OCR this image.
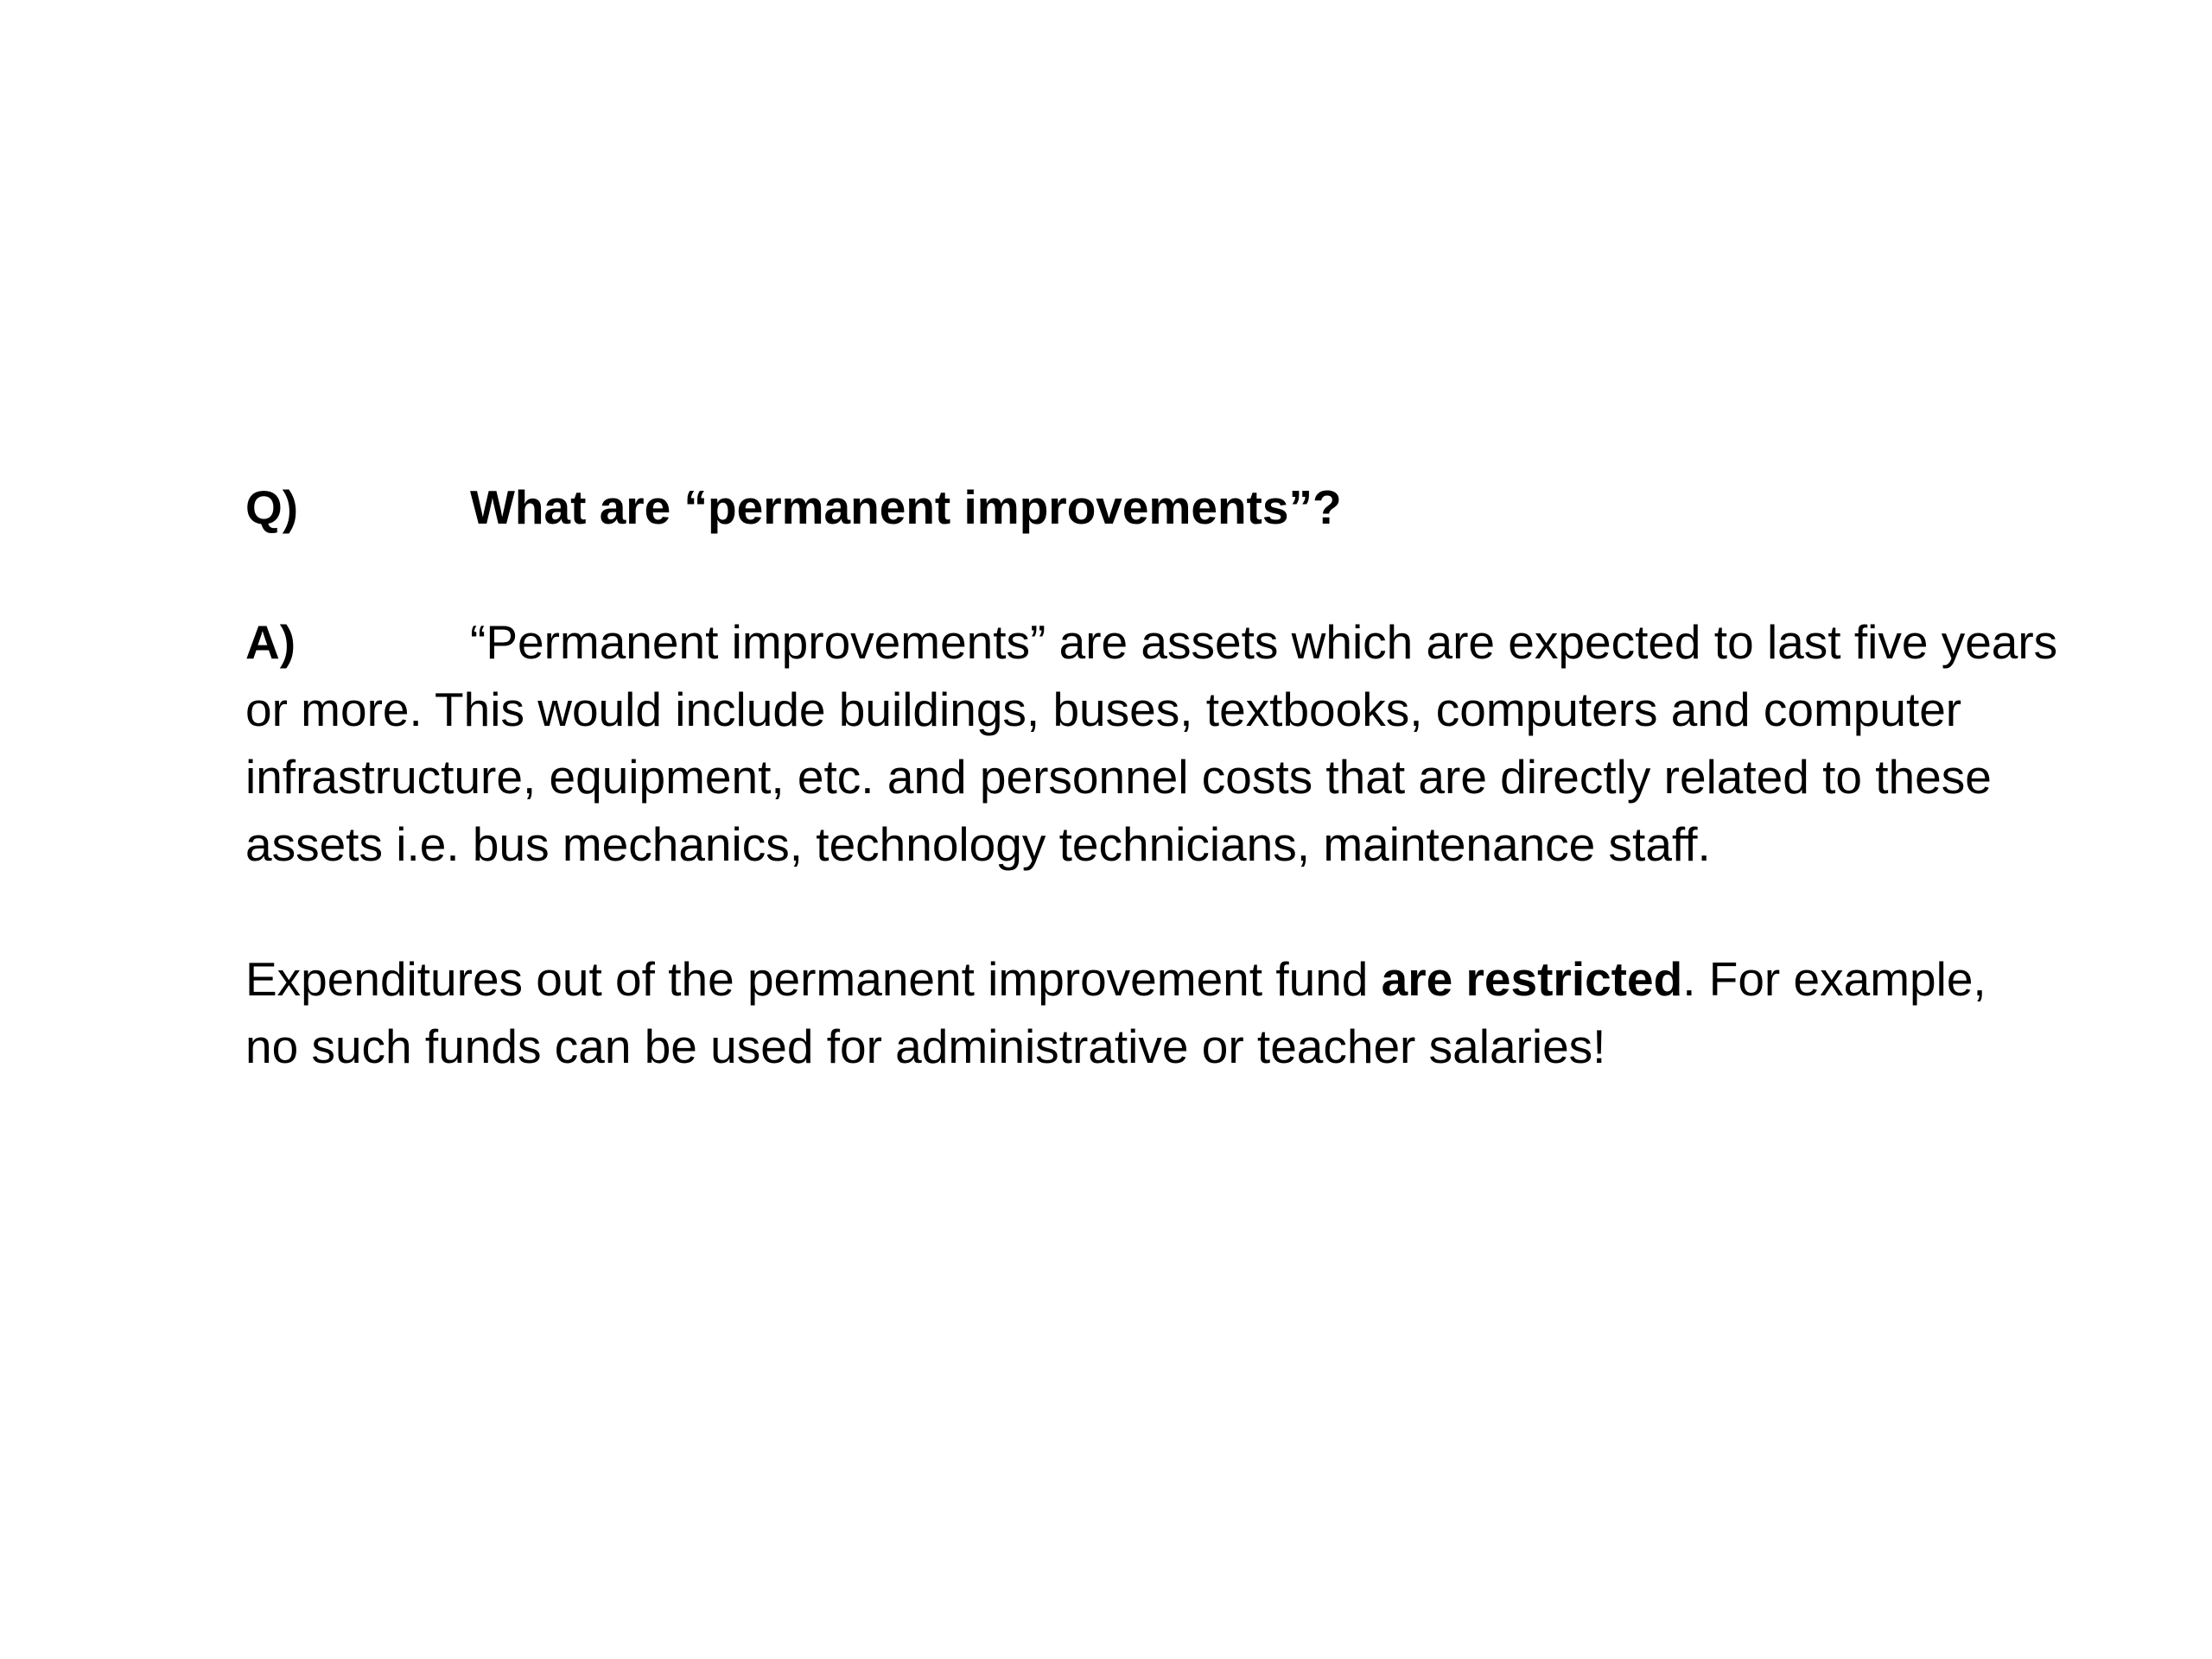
Q)	What are “permanent improvements”?
A)	“Permanent improvements” are assets which are expected to last five years
or more. This would include buildings, buses, textbooks, computers and computer
infrastructure, equipment, etc. and personnel costs that are directly related to these
assets i.e. bus mechanics, technology technicians, maintenance staff.
Expenditures out of the permanent improvement fund are restricted. For example,
no such funds can be used for administrative or teacher salaries!
